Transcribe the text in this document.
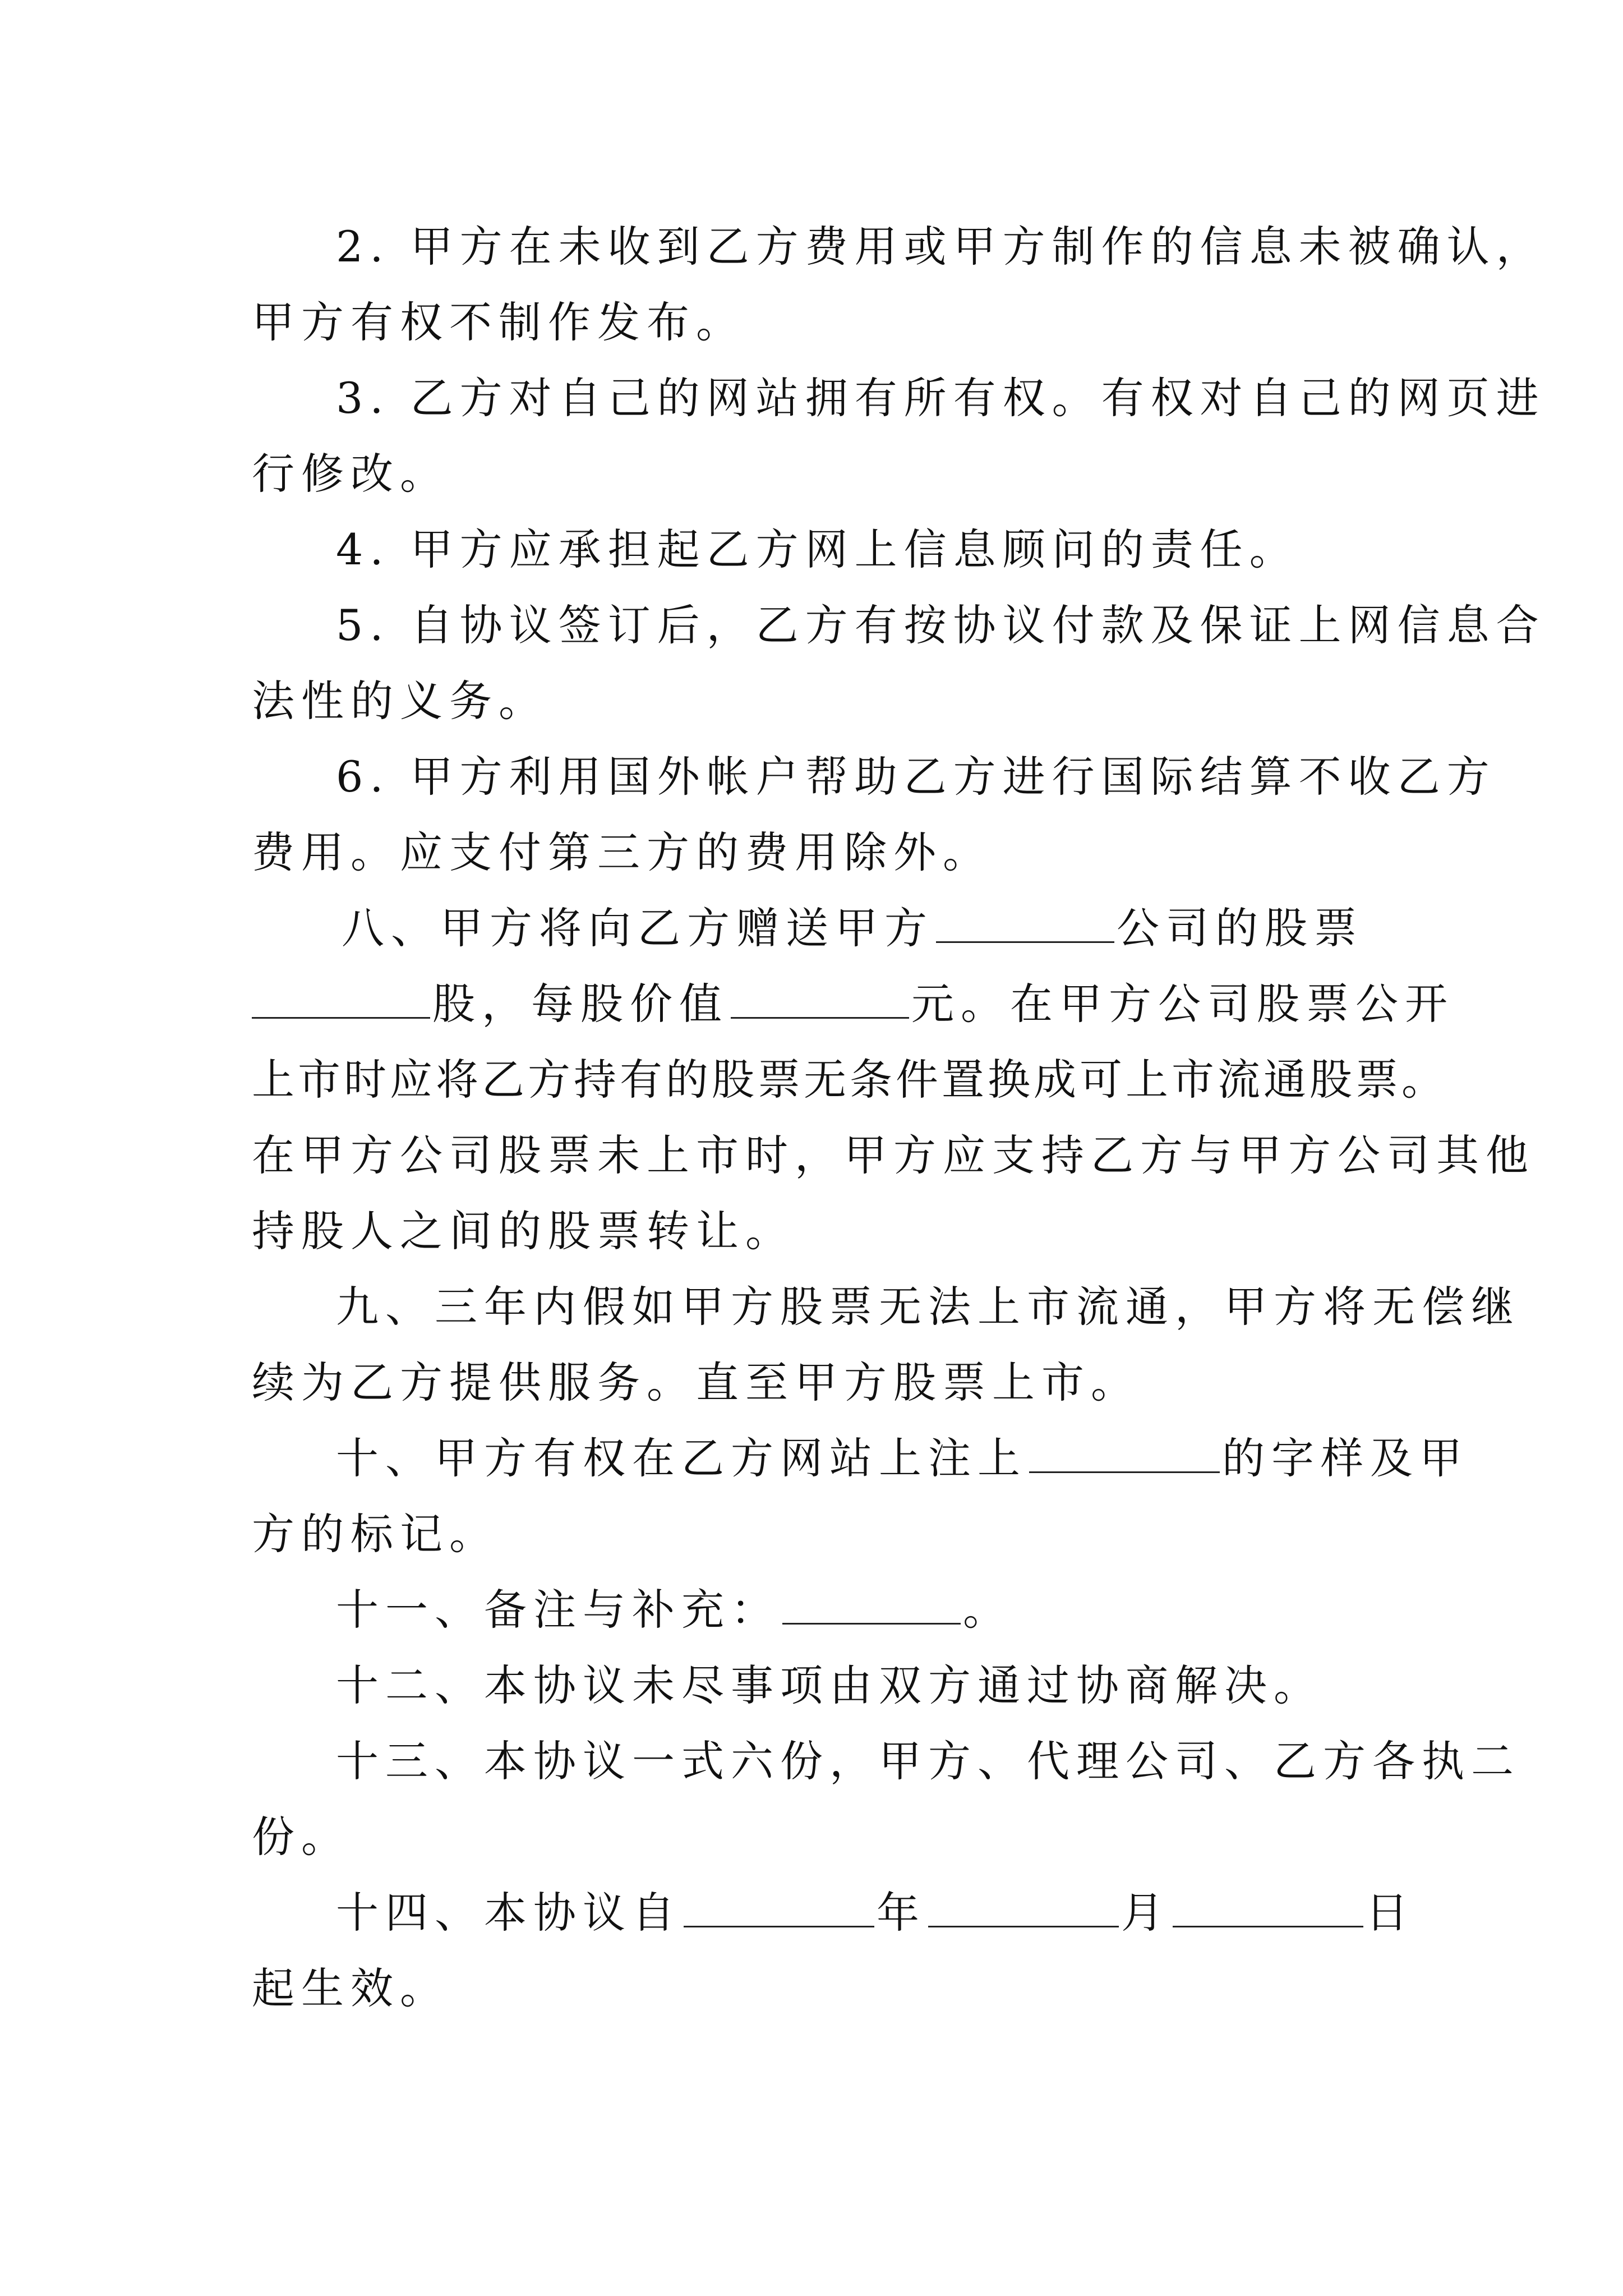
2. 甲方在未收到乙方费用或甲方制作的信息未被确认，
甲方有权不制作发布。
3. 乙方对自己的网站拥有所有权。有权对自己的网页进
行修改。
4. 甲方应承担起乙方网上信息顾问的责任。
5. 自协议签订后，乙方有按协议付款及保证上网信息合
法性的义务。
6. 甲方利用国外帐户帮助乙方进行国际结算不收乙方
费用。应支付第三方的费用除外。
八、甲方将向乙方赠送甲方	公司的股票
股，每股价值	元。在甲方公司股票公开
上市时应将乙方持有的股票无条件置换成可上市流通股票。
在甲方公司股票未上市时，甲方应支持乙方与甲方公司其他
持股人之间的股票转让。
九、三年内假如甲方股票无法上市流通，甲方将无偿继
续为乙方提供服务。直至甲方股票上市。
十、甲方有权在乙方网站上注上	的字样及甲
方的标记。
十一、备注与补充：	。
十二、本协议未尽事项由双方通过协商解决。
十三、本协议一式六份，甲方、代理公司、乙方各执二
份。
十四、本协议自	年	月	日
起生效。
